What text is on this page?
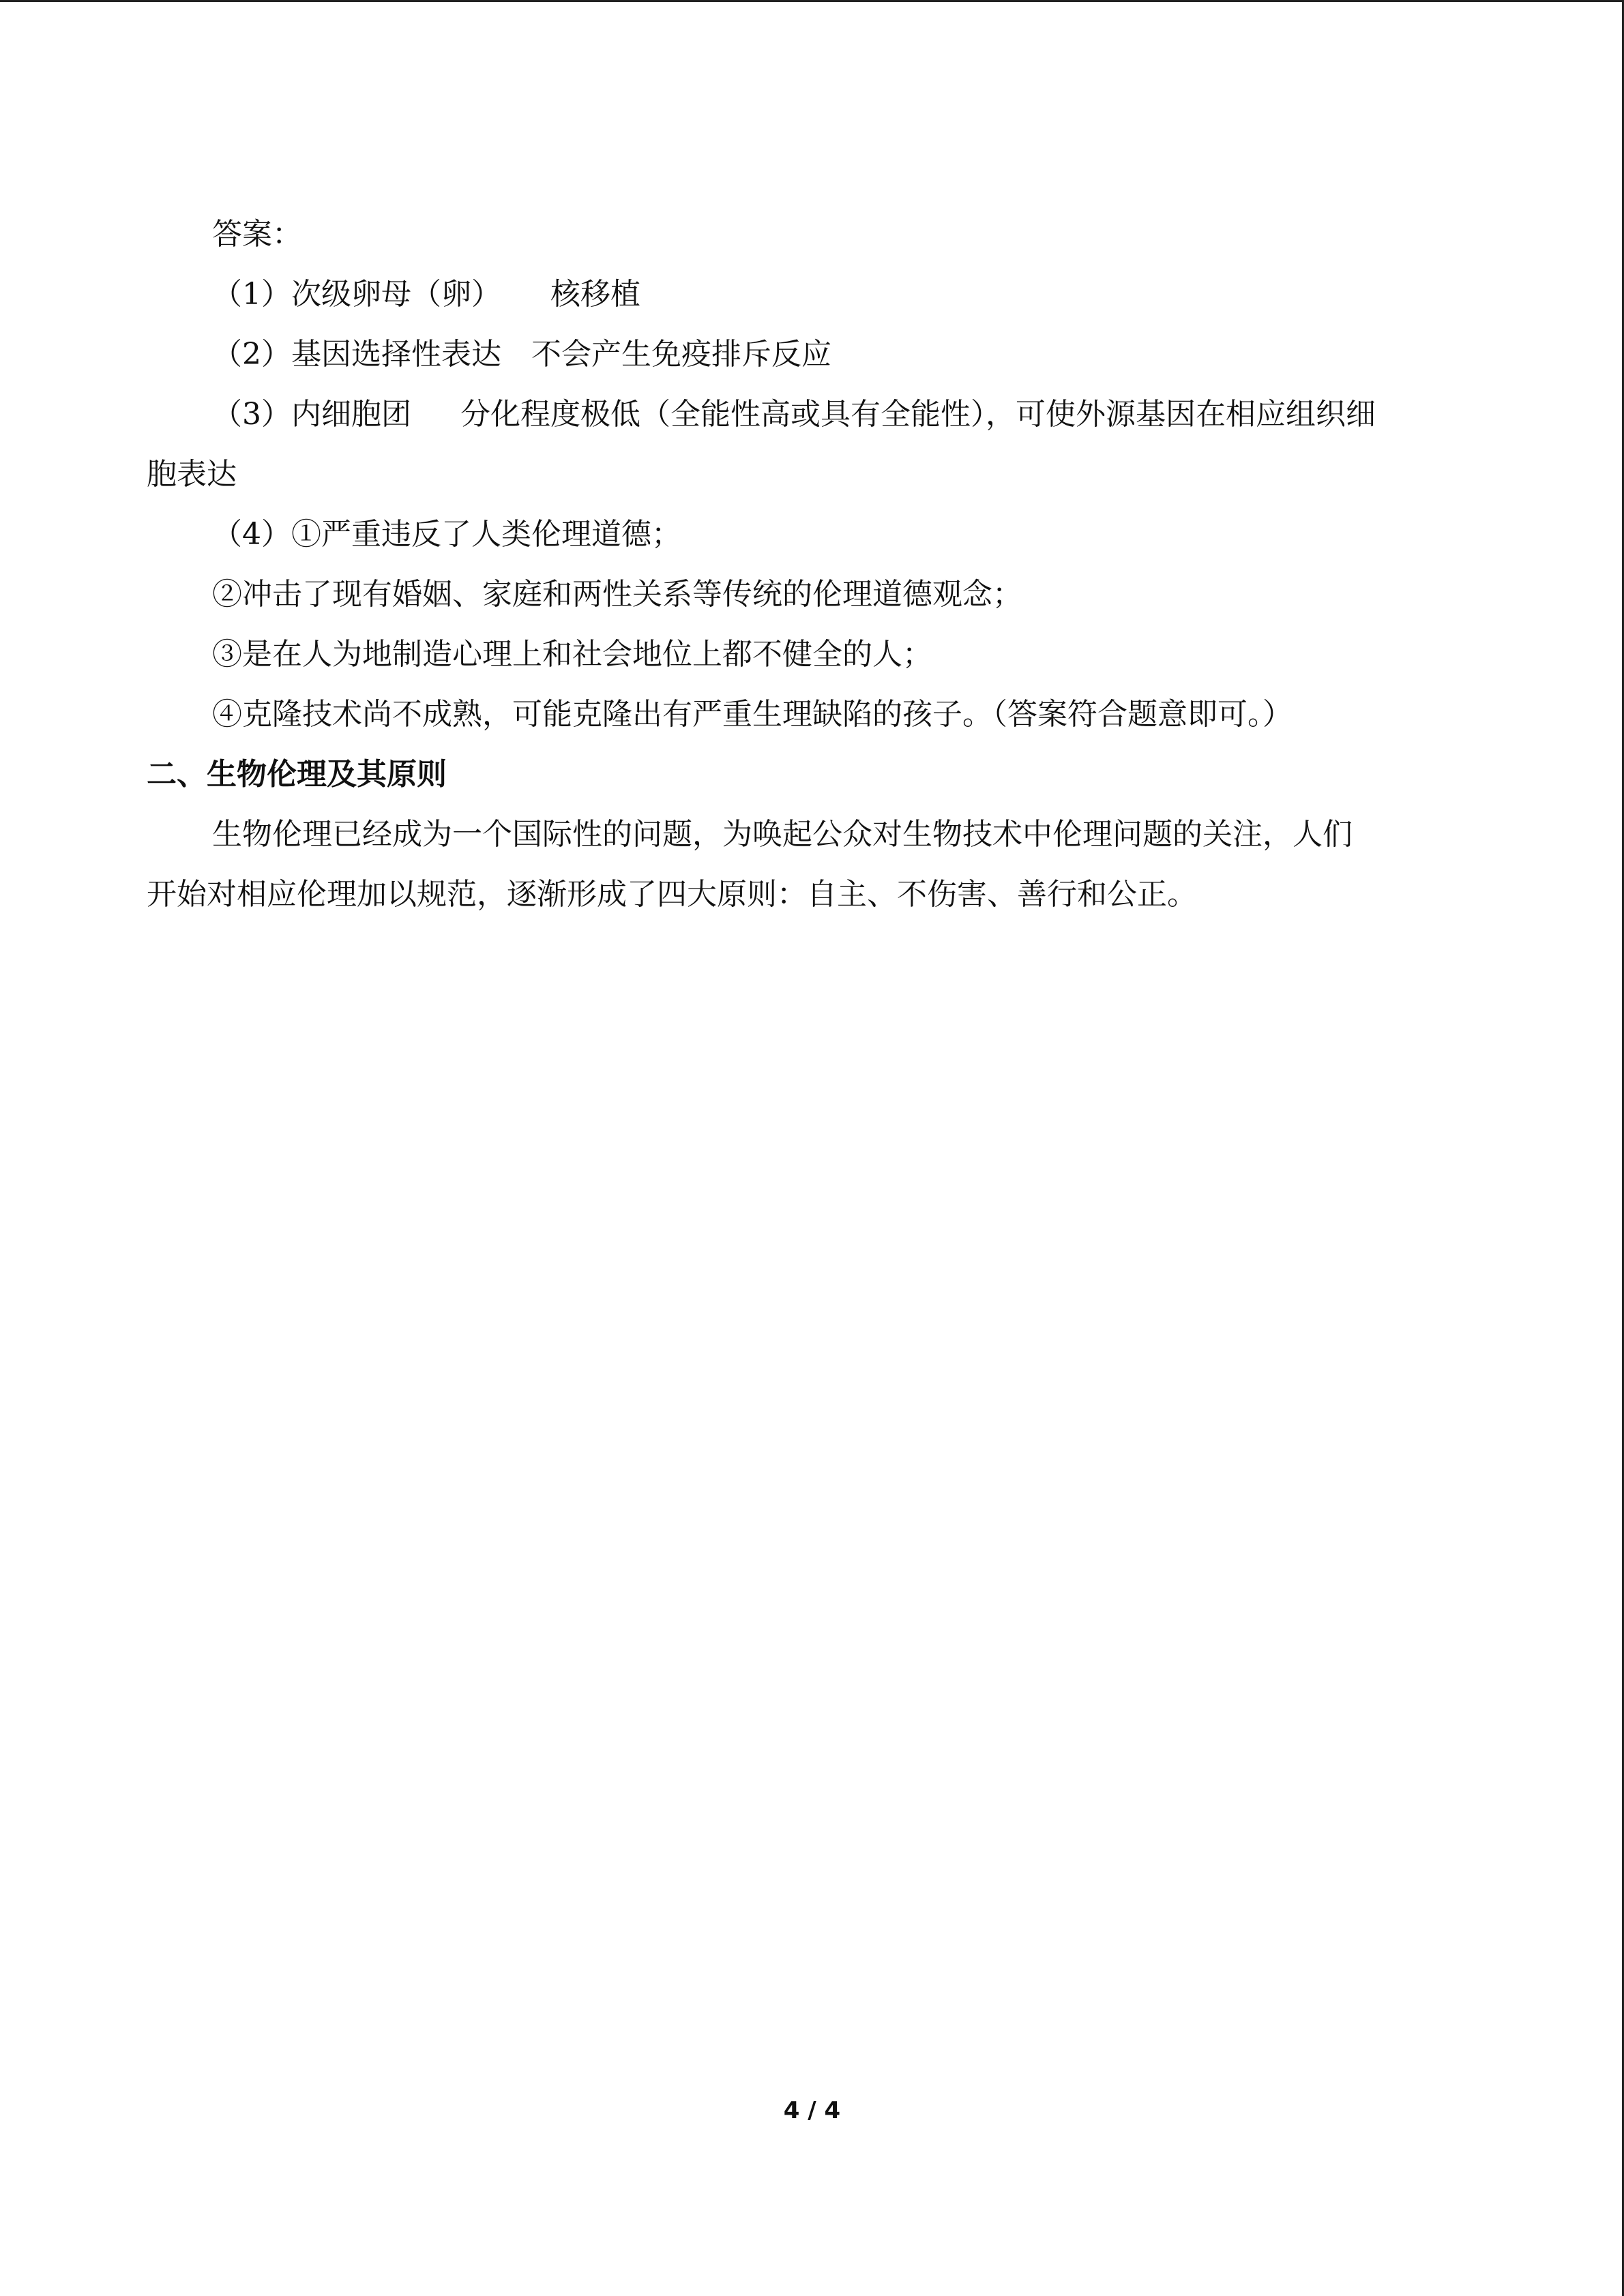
答案：

（1）次级卵母（卵） 核移植

（2）基因选择性表达 不会产生免疫排斥反应

（3）内细胞团 分化程度极低（全能性高或具有全能性），可使外源基因在相应组织细

胞表达

（4）①严重违反了人类伦理道德；

②冲击了现有婚姻、家庭和两性关系等传统的伦理道德观念；

③是在人为地制造心理上和社会地位上都不健全的人；

④克隆技术尚不成熟，可能克隆出有严重生理缺陷的孩子。（答案符合题意即可。）

二、生物伦理及其原则

生物伦理已经成为一个国际性的问题，为唤起公众对生物技术中伦理问题的关注，人们

开始对相应伦理加以规范，逐渐形成了四大原则：自主、不伤害、善行和公正。

4 / 4
